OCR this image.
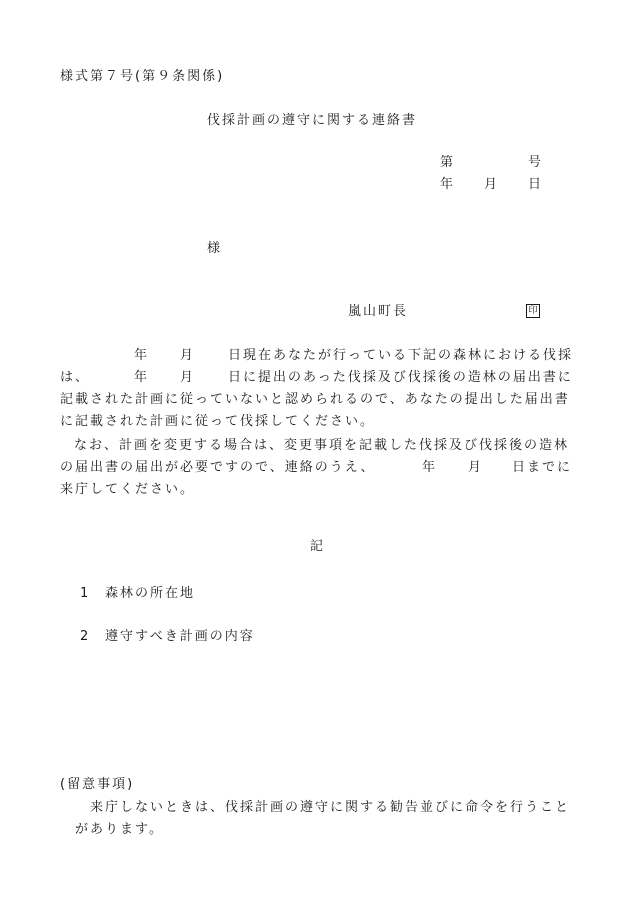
様式第７号(第９条関係)
伐採計画の遵守に関する連絡書
第	号
年 月 日
様
嵐山町長	印
年	月	日現在あなたが行っている下記の森林における伐採
は、	年	月	日に提出のあった伐採及び伐採後の造林の届出書に
記載された計画に従っていないと認められるので、あなたの提出した届出書
に記載された計画に従って伐採してください。
なお、計画を変更する場合は、変更事項を記載した伐採及び伐採後の造林
の届出書の届出が必要ですので、連絡のうえ、	年	月 日までに
来庁してください。
記
1 森林の所在地
2 遵守すべき計画の内容
(留意事項)
来庁しないときは、伐採計画の遵守に関する勧告並びに命令を行うこと
があります。
